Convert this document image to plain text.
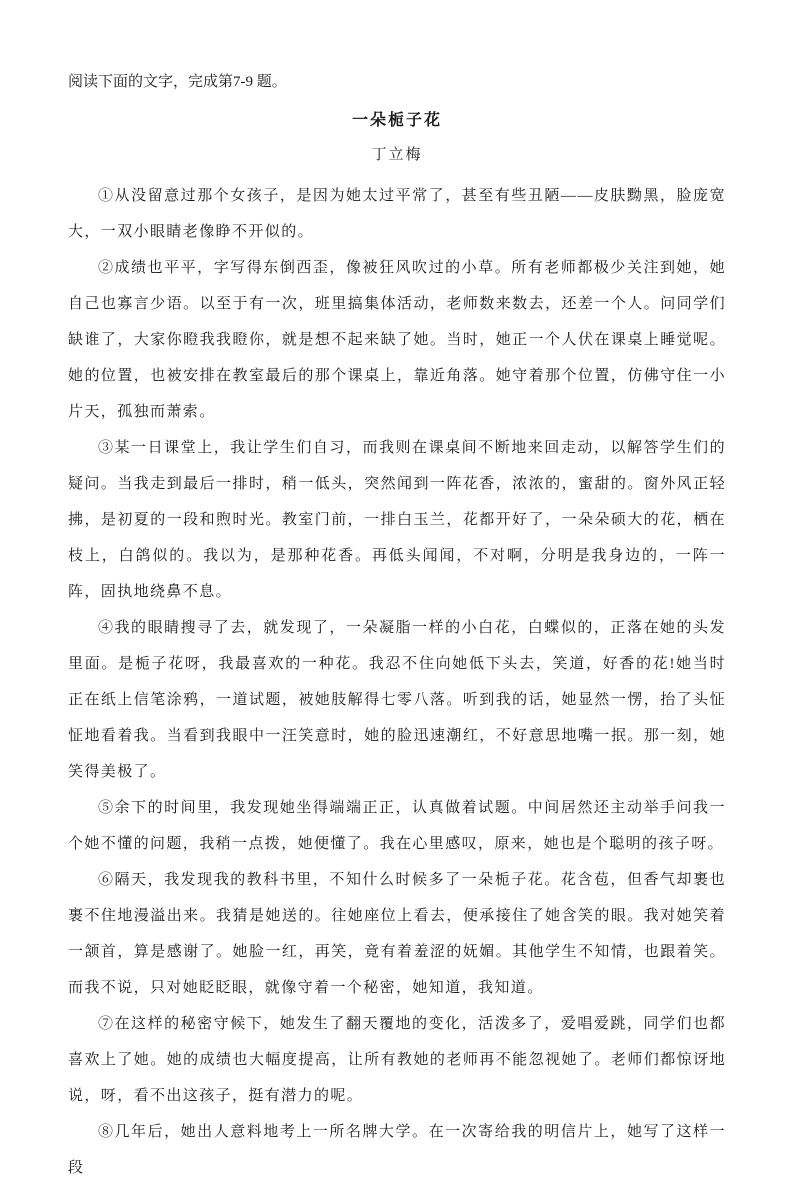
阅读下面的文字，完成第7-9 题。

一朵栀子花

丁立梅

①从没留意过那个女孩子，是因为她太过平常了，甚至有些丑陋——皮肤黝黑，脸庞宽大，一双小眼睛老像睁不开似的。

②成绩也平平，字写得东倒西歪，像被狂风吹过的小草。所有老师都极少关注到她，她自己也寡言少语。以至于有一次，班里搞集体活动，老师数来数去，还差一个人。问同学们缺谁了，大家你瞪我我瞪你，就是想不起来缺了她。当时，她正一个人伏在课桌上睡觉呢。她的位置，也被安排在教室最后的那个课桌上，靠近角落。她守着那个位置，仿佛守住一小片天，孤独而萧索。

③某一日课堂上，我让学生们自习，而我则在课桌间不断地来回走动，以解答学生们的疑问。当我走到最后一排时，稍一低头，突然闻到一阵花香，浓浓的，蜜甜的。窗外风正轻拂，是初夏的一段和煦时光。教室门前，一排白玉兰，花都开好了，一朵朵硕大的花，栖在枝上，白鸽似的。我以为，是那种花香。再低头闻闻，不对啊，分明是我身边的，一阵一阵，固执地绕鼻不息。

④我的眼睛搜寻了去，就发现了，一朵凝脂一样的小白花，白蝶似的，正落在她的头发里面。是栀子花呀，我最喜欢的一种花。我忍不住向她低下头去，笑道，好香的花!她当时正在纸上信笔涂鸦，一道试题，被她肢解得七零八落。听到我的话，她显然一愣，抬了头怔怔地看着我。当看到我眼中一汪笑意时，她的脸迅速潮红，不好意思地嘴一抿。那一刻，她笑得美极了。

⑤余下的时间里，我发现她坐得端端正正，认真做着试题。中间居然还主动举手问我一个她不懂的问题，我稍一点拨，她便懂了。我在心里感叹，原来，她也是个聪明的孩子呀。

⑥隔天，我发现我的教科书里，不知什么时候多了一朵栀子花。花含苞，但香气却裹也裹不住地漫溢出来。我猜是她送的。往她座位上看去，便承接住了她含笑的眼。我对她笑着一颔首，算是感谢了。她脸一红，再笑，竟有着羞涩的妩媚。其他学生不知情，也跟着笑。而我不说，只对她眨眨眼，就像守着一个秘密，她知道，我知道。

⑦在这样的秘密守候下，她发生了翻天覆地的变化，活泼多了，爱唱爱跳，同学们也都喜欢上了她。她的成绩也大幅度提高，让所有教她的老师再不能忽视她了。老师们都惊讶地说，呀，看不出这孩子，挺有潜力的呢。

⑧几年后，她出人意料地考上一所名牌大学。在一次寄给我的明信片上，她写了这样一段
